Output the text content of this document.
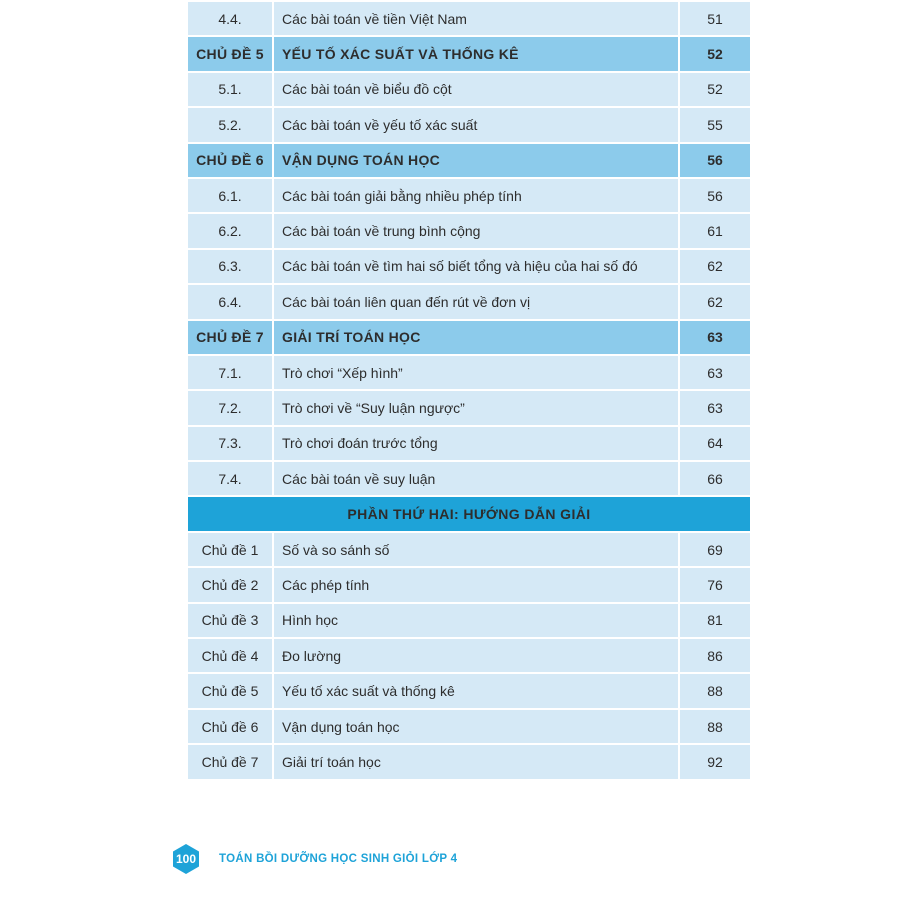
4.4.	Các bài toán về tiền Việt Nam	51
CHỦ ĐỀ 5	YẾU TỐ XÁC SUẤT VÀ THỐNG KÊ	52
5.1.	Các bài toán về biểu đồ cột	52
5.2.	Các bài toán về yếu tố xác suất	55
CHỦ ĐỀ 6	VẬN DỤNG TOÁN HỌC	56
6.1.	Các bài toán giải bằng nhiều phép tính	56
6.2.	Các bài toán về trung bình cộng	61
6.3.	Các bài toán về tìm hai số biết tổng và hiệu của hai số đó	62
6.4.	Các bài toán liên quan đến rút về đơn vị	62
CHỦ ĐỀ 7	GIẢI TRÍ TOÁN HỌC	63
7.1.	Trò chơi “Xếp hình”	63
7.2.	Trò chơi về “Suy luận ngược”	63
7.3.	Trò chơi đoán trước tổng	64
7.4.	Các bài toán về suy luận	66
PHẦN THỨ HAI: HƯỚNG DẪN GIẢI		
Chủ đề 1	Số và so sánh số	69
Chủ đề 2	Các phép tính	76
Chủ đề 3	Hình học	81
Chủ đề 4	Đo lường	86
Chủ đề 5	Yếu tố xác suất và thống kê	88
Chủ đề 6	Vận dụng toán học	88
Chủ đề 7	Giải trí toán học	92
100	TOÁN BỒI DƯỠNG HỌC SINH GIỎI LỚP 4
